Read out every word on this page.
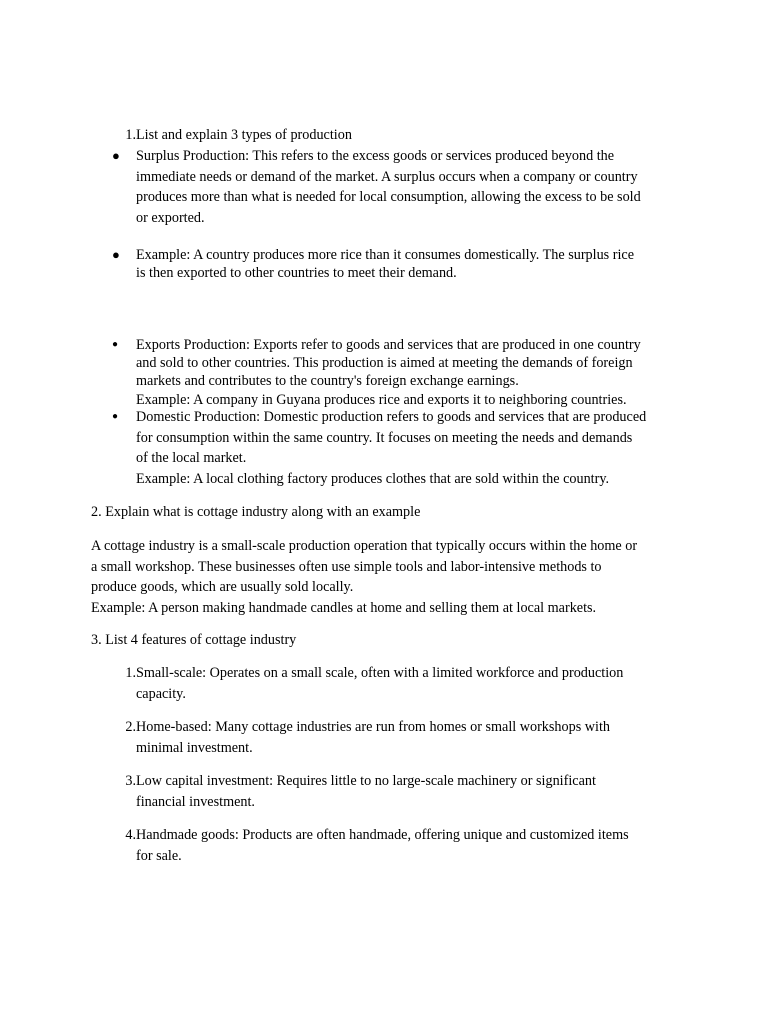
1. List and explain 3 types of production
● Surplus Production: This refers to the excess goods or services produced beyond the
immediate needs or demand of the market. A surplus occurs when a company or country
produces more than what is needed for local consumption, allowing the excess to be sold
or exported.
● Example: A country produces more rice than it consumes domestically. The surplus rice
is then exported to other countries to meet their demand.
● Exports Production: Exports refer to goods and services that are produced in one country
and sold to other countries. This production is aimed at meeting the demands of foreign
markets and contributes to the country's foreign exchange earnings.
Example: A company in Guyana produces rice and exports it to neighboring countries.
● Domestic Production: Domestic production refers to goods and services that are produced
for consumption within the same country. It focuses on meeting the needs and demands
of the local market.
Example: A local clothing factory produces clothes that are sold within the country.
2. Explain what is cottage industry along with an example
A cottage industry is a small-scale production operation that typically occurs within the home or
a small workshop. These businesses often use simple tools and labor-intensive methods to
produce goods, which are usually sold locally.
Example: A person making handmade candles at home and selling them at local markets.
3. List 4 features of cottage industry
1. Small-scale: Operates on a small scale, often with a limited workforce and production
capacity.
2. Home-based: Many cottage industries are run from homes or small workshops with
minimal investment.
3. Low capital investment: Requires little to no large-scale machinery or significant
financial investment.
4. Handmade goods: Products are often handmade, offering unique and customized items
for sale.
